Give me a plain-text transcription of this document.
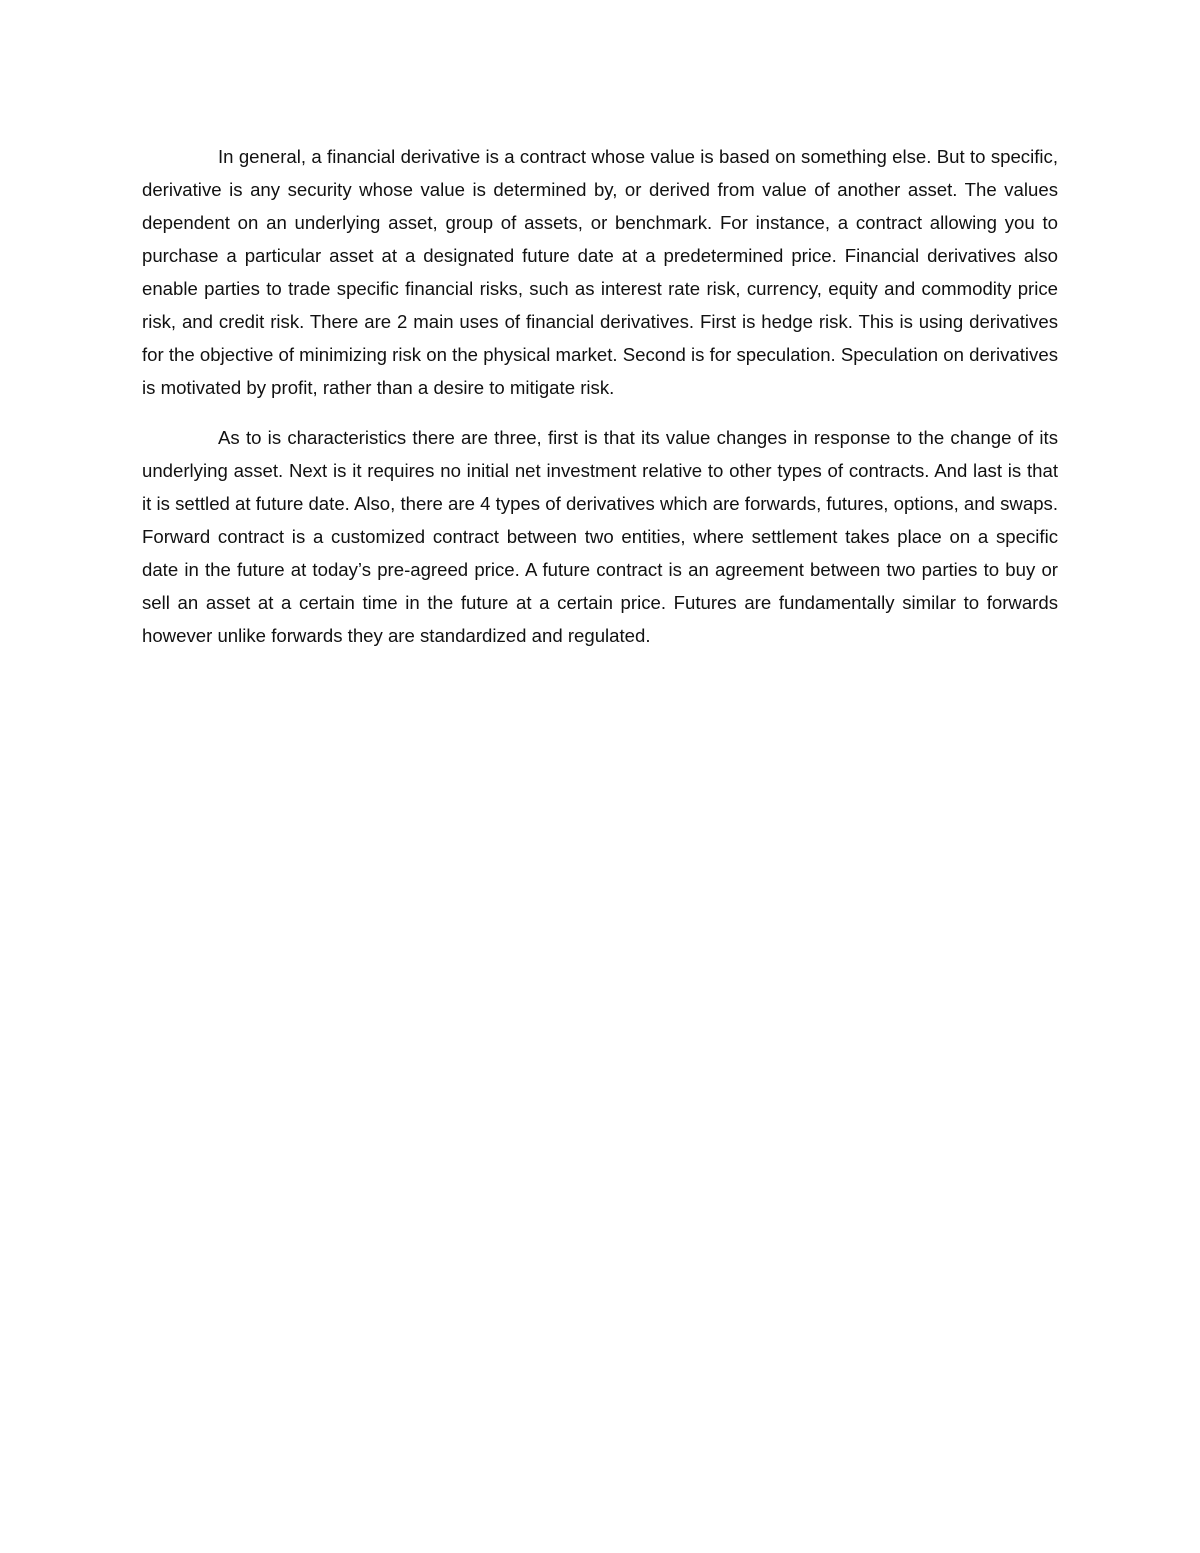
In general, a financial derivative is a contract whose value is based on something else. But to specific, derivative is any security whose value is determined by, or derived from value of another asset. The values dependent on an underlying asset, group of assets, or benchmark. For instance, a contract allowing you to purchase a particular asset at a designated future date at a predetermined price. Financial derivatives also enable parties to trade specific financial risks, such as interest rate risk, currency, equity and commodity price risk, and credit risk. There are 2 main uses of financial derivatives. First is hedge risk. This is using derivatives for the objective of minimizing risk on the physical market. Second is for speculation. Speculation on derivatives is motivated by profit, rather than a desire to mitigate risk.

As to is characteristics there are three, first is that its value changes in response to the change of its underlying asset. Next is it requires no initial net investment relative to other types of contracts. And last is that it is settled at future date. Also, there are 4 types of derivatives which are forwards, futures, options, and swaps. Forward contract is a customized contract between two entities, where settlement takes place on a specific date in the future at today’s pre-agreed price. A future contract is an agreement between two parties to buy or sell an asset at a certain time in the future at a certain price. Futures are fundamentally similar to forwards however unlike forwards they are standardized and regulated.
